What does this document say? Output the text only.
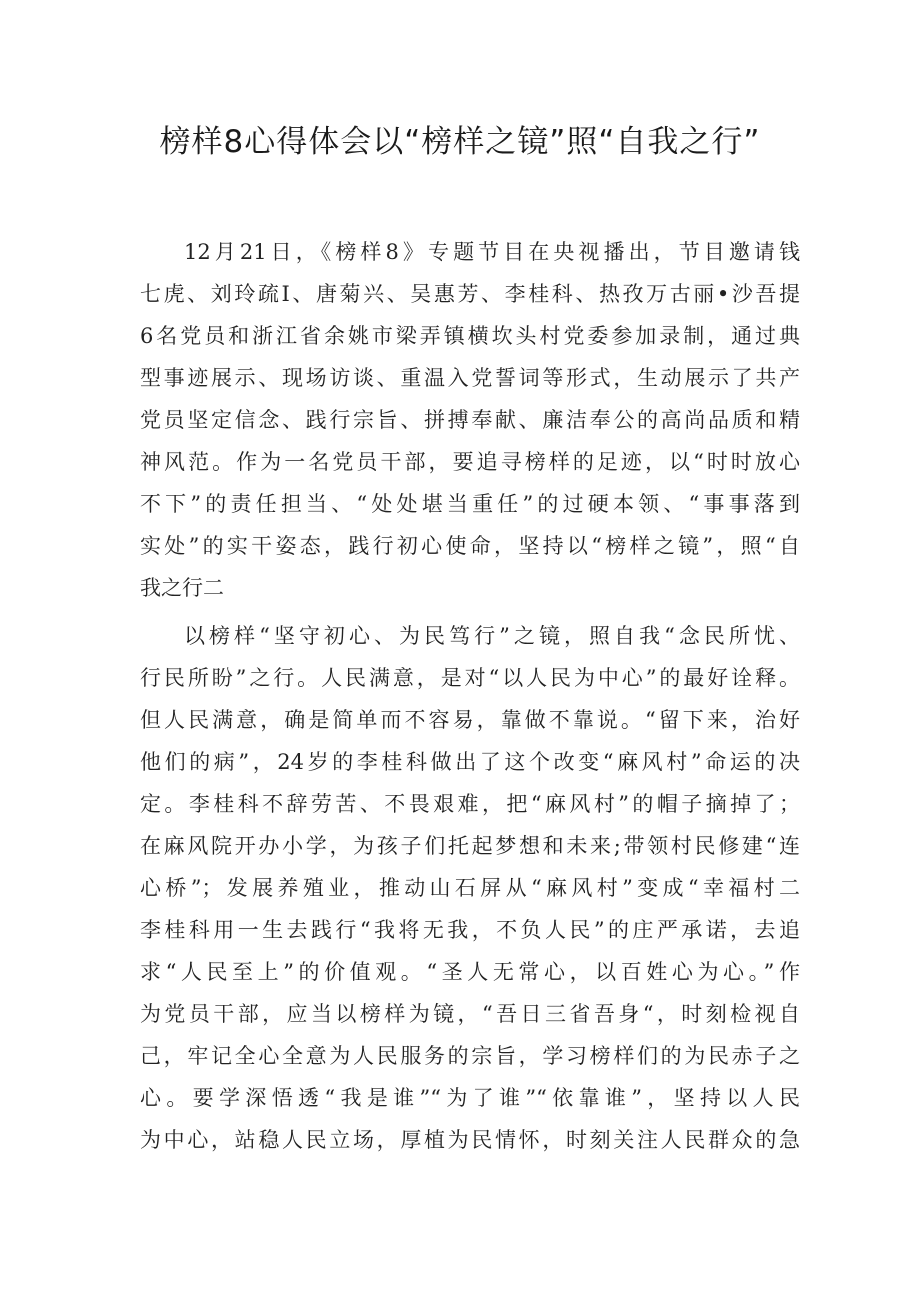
榜样8心得体会以“榜样之镜”照“自我之行”
12月21日，《榜样8》专题节目在央视播出，节目邀请钱
七虎、刘玲疏I、唐菊兴、吴惠芳、李桂科、热孜万古丽•沙吾提
6名党员和浙江省余姚市梁弄镇横坎头村党委参加录制，通过典
型事迹展示、现场访谈、重温入党誓词等形式，生动展示了共产
党员坚定信念、践行宗旨、拼搏奉献、廉洁奉公的高尚品质和精
神风范。作为一名党员干部，要追寻榜样的足迹，以“时时放心
不下”的责任担当、“处处堪当重任”的过硬本领、“事事落到
实处”的实干姿态，践行初心使命，坚持以“榜样之镜”，照“自
我之行二
以榜样“坚守初心、为民笃行”之镜，照自我“念民所忧、
行民所盼”之行。人民满意，是对“以人民为中心”的最好诠释。
但人民满意，确是简单而不容易，靠做不靠说。“留下来，治好
他们的病”，24岁的李桂科做出了这个改变“麻风村”命运的决
定。李桂科不辞劳苦、不畏艰难，把“麻风村”的帽子摘掉了；
在麻风院开办小学，为孩子们托起梦想和未来;带领村民修建“连
心桥”；发展养殖业，推动山石屏从“麻风村”变成“幸福村二
李桂科用一生去践行“我将无我，不负人民”的庄严承诺，去追
求“人民至上”的价值观。“圣人无常心，以百姓心为心。”作
为党员干部，应当以榜样为镜，“吾日三省吾身“，时刻检视自
己，牢记全心全意为人民服务的宗旨，学习榜样们的为民赤子之
心。要学深悟透“我是谁”“为了谁”“依靠谁”，坚持以人民
为中心，站稳人民立场，厚植为民情怀，时刻关注人民群众的急
